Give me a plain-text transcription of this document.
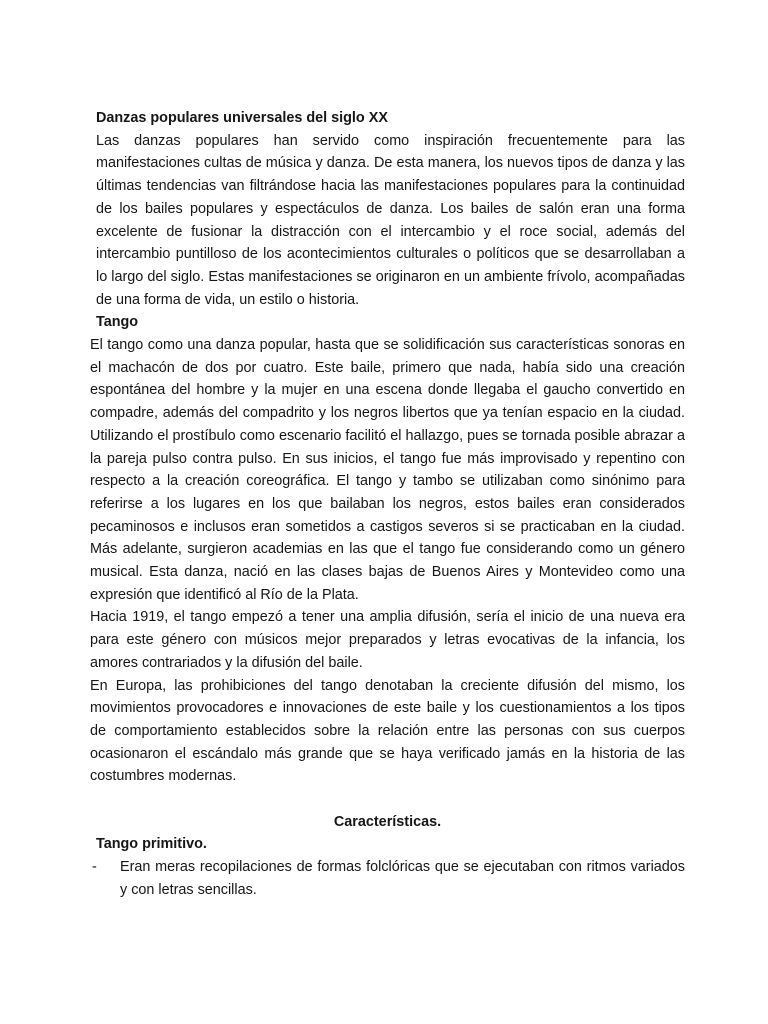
Danzas populares universales del siglo XX

Las danzas populares han servido como inspiración frecuentemente para las manifestaciones cultas de música y danza. De esta manera, los nuevos tipos de danza y las últimas tendencias van filtrándose hacia las manifestaciones populares para la continuidad de los bailes populares y espectáculos de danza. Los bailes de salón eran una forma excelente de fusionar la distracción con el intercambio y el roce social, además del intercambio puntilloso de los acontecimientos culturales o políticos que se desarrollaban a lo largo del siglo. Estas manifestaciones se originaron en un ambiente frívolo, acompañadas de una forma de vida, un estilo o historia.

Tango

El tango como una danza popular, hasta que se solidificación sus características sonoras en el machacón de dos por cuatro. Este baile, primero que nada, había sido una creación espontánea del hombre y la mujer en una escena donde llegaba el gaucho convertido en compadre, además del compadrito y los negros libertos que ya tenían espacio en la ciudad. Utilizando el prostíbulo como escenario facilitó el hallazgo, pues se tornada posible abrazar a la pareja pulso contra pulso. En sus inicios, el tango fue más improvisado y repentino con respecto a la creación coreográfica. El tango y tambo se utilizaban como sinónimo para referirse a los lugares en los que bailaban los negros, estos bailes eran considerados pecaminosos e inclusos eran sometidos a castigos severos si se practicaban en la ciudad. Más adelante, surgieron academias en las que el tango fue considerando como un género musical. Esta danza, nació en las clases bajas de Buenos Aires y Montevideo como una expresión que identificó al Río de la Plata.

Hacia 1919, el tango empezó a tener una amplia difusión, sería el inicio de una nueva era para este género con músicos mejor preparados y letras evocativas de la infancia, los amores contrariados y la difusión del baile.

En Europa, las prohibiciones del tango denotaban la creciente difusión del mismo, los movimientos provocadores e innovaciones de este baile y los cuestionamientos a los tipos de comportamiento establecidos sobre la relación entre las personas con sus cuerpos ocasionaron el escándalo más grande que se haya verificado jamás en la historia de las costumbres modernas.

Características.

Tango primitivo.

-	Eran meras recopilaciones de formas folclóricas que se ejecutaban con ritmos variados y con letras sencillas.
